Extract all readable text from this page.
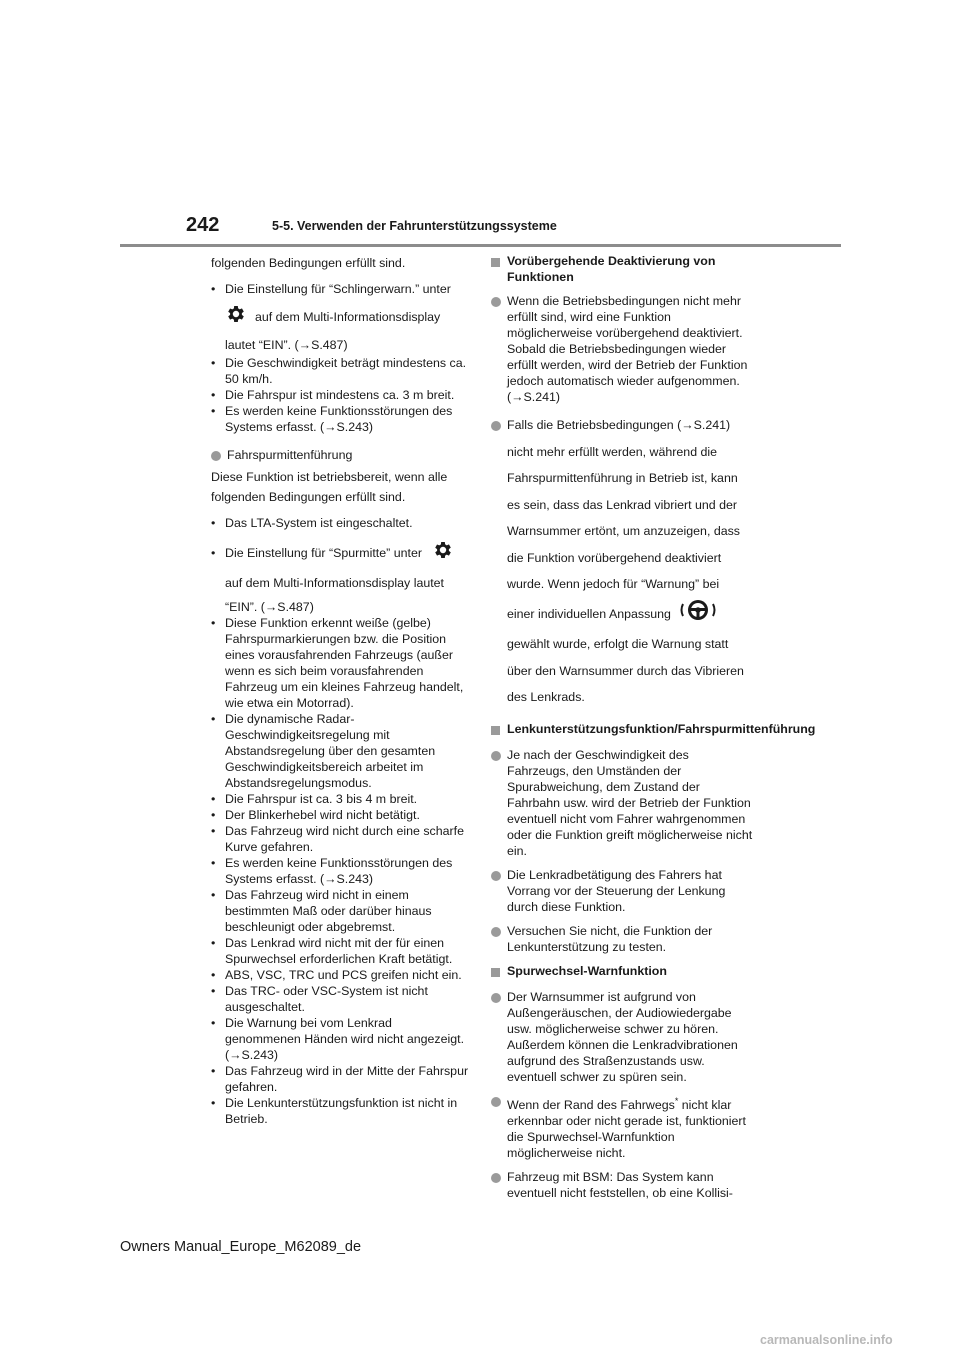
242	5-5. Verwenden der Fahrunterstützungssysteme

folgenden Bedingungen erfüllt sind.

• Die Einstellung für “Schlingerwarn.” unter
auf dem Multi-Informationsdisplay

lautet “EIN”. (→S.487)

• Die Geschwindigkeit beträgt mindestens ca. 50 km/h.
• Die Fahrspur ist mindestens ca. 3 m breit.
• Es werden keine Funktionsstörungen des Systems erfasst. (→S.243)
Fahrspurmittenführung

Diese Funktion ist betriebsbereit, wenn alle

folgenden Bedingungen erfüllt sind.

• Das LTA-System ist eingeschaltet.
• Die Einstellung für “Spurmitte” unter

auf dem Multi-Informationsdisplay lautet

“EIN”. (→S.487)

• Diese Funktion erkennt weiße (gelbe) Fahrspurmarkierungen bzw. die Position eines vorausfahrenden Fahrzeugs (außer wenn es sich beim vorausfahrenden Fahrzeug um ein kleines Fahrzeug handelt, wie etwa ein Motorrad).
• Die dynamische Radar-Geschwindigkeitsregelung mit Abstandsregelung über den gesamten Geschwindigkeitsbereich arbeitet im Abstandsregelungsmodus.
• Die Fahrspur ist ca. 3 bis 4 m breit.
• Der Blinkerhebel wird nicht betätigt.
• Das Fahrzeug wird nicht durch eine scharfe Kurve gefahren.
• Es werden keine Funktionsstörungen des Systems erfasst. (→S.243)
• Das Fahrzeug wird nicht in einem bestimmten Maß oder darüber hinaus beschleunigt oder abgebremst.
• Das Lenkrad wird nicht mit der für einen Spurwechsel erforderlichen Kraft betätigt.
• ABS, VSC, TRC und PCS greifen nicht ein.
• Das TRC- oder VSC-System ist nicht ausgeschaltet.
• Die Warnung bei vom Lenkrad genommenen Händen wird nicht angezeigt. (→S.243)
• Das Fahrzeug wird in der Mitte der Fahrspur gefahren.
• Die Lenkunterstützungsfunktion ist nicht in Betrieb.
Vorübergehende Deaktivierung von Funktionen
Wenn die Betriebsbedingungen nicht mehr erfüllt sind, wird eine Funktion möglicherweise vorübergehend deaktiviert. Sobald die Betriebsbedingungen wieder erfüllt werden, wird der Betrieb der Funktion jedoch automatisch wieder aufgenommen. (→S.241)
Falls die Betriebsbedingungen (→S.241) nicht mehr erfüllt werden, während die Fahrspurmittenführung in Betrieb ist, kann es sein, dass das Lenkrad vibriert und der Warnsummer ertönt, um anzuzeigen, dass die Funktion vorübergehend deaktiviert wurde. Wenn jedoch für “Warnung” bei
einer individuellen Anpassung
gewählt wurde, erfolgt die Warnung statt über den Warnsummer durch das Vibrieren des Lenkrads.
Lenkunterstützungsfunktion/Fahrspurmittenführung
Je nach der Geschwindigkeit des Fahrzeugs, den Umständen der Spurabweichung, dem Zustand der Fahrbahn usw. wird der Betrieb der Funktion eventuell nicht vom Fahrer wahrgenommen oder die Funktion greift möglicherweise nicht ein.
Die Lenkradbetätigung des Fahrers hat Vorrang vor der Steuerung der Lenkung durch diese Funktion.
Versuchen Sie nicht, die Funktion der Lenkunterstützung zu testen.
Spurwechsel-Warnfunktion
Der Warnsummer ist aufgrund von Außengeräuschen, der Audiowiedergabe usw. möglicherweise schwer zu hören. Außerdem können die Lenkradvibrationen aufgrund des Straßenzustands usw. eventuell schwer zu spüren sein.
Wenn der Rand des Fahrwegs* nicht klar erkennbar oder nicht gerade ist, funktioniert die Spurwechsel-Warnfunktion möglicherweise nicht.
Fahrzeug mit BSM: Das System kann eventuell nicht feststellen, ob eine Kollisi-
Owners Manual_Europe_M62089_de
carmanualsonline.info
